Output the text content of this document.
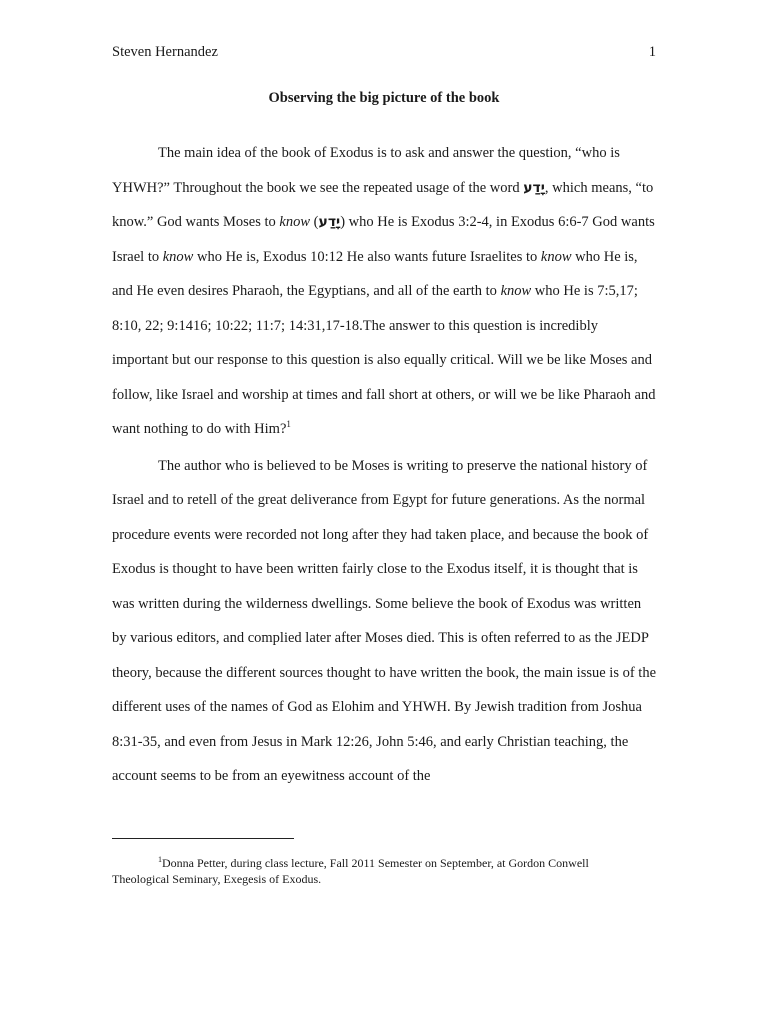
Steven Hernandez	1
Observing the big picture of the book

The main idea of the book of Exodus is to ask and answer the question, “who is YHWH?” Throughout the book we see the repeated usage of the word יָדַע, which means, “to know.” God wants Moses to know (יָדַע) who He is Exodus 3:2-4, in Exodus 6:6-7 God wants Israel to know who He is, Exodus 10:12 He also wants future Israelites to know who He is, and He even desires Pharaoh, the Egyptians, and all of the earth to know who He is 7:5,17; 8:10, 22; 9:1416; 10:22; 11:7; 14:31,17-18.The answer to this question is incredibly important but our response to this question is also equally critical. Will we be like Moses and follow, like Israel and worship at times and fall short at others, or will we be like Pharaoh and want nothing to do with Him?$^1$

The author who is believed to be Moses is writing to preserve the national history of Israel and to retell of the great deliverance from Egypt for future generations. As the normal procedure events were recorded not long after they had taken place, and because the book of Exodus is thought to have been written fairly close to the Exodus itself, it is thought that is was written during the wilderness dwellings. Some believe the book of Exodus was written by various editors, and complied later after Moses died. This is often referred to as the JEDP theory, because the different sources thought to have written the book, the main issue is of the different uses of the names of God as Elohim and YHWH. By Jewish tradition from Joshua 8:31-35, and even from Jesus in Mark 12:26, John 5:46, and early Christian teaching, the account seems to be from an eyewitness account of the

$^1$Donna Petter, during class lecture, Fall 2011 Semester on September, at Gordon Conwell
Theological Seminary, Exegesis of Exodus.
